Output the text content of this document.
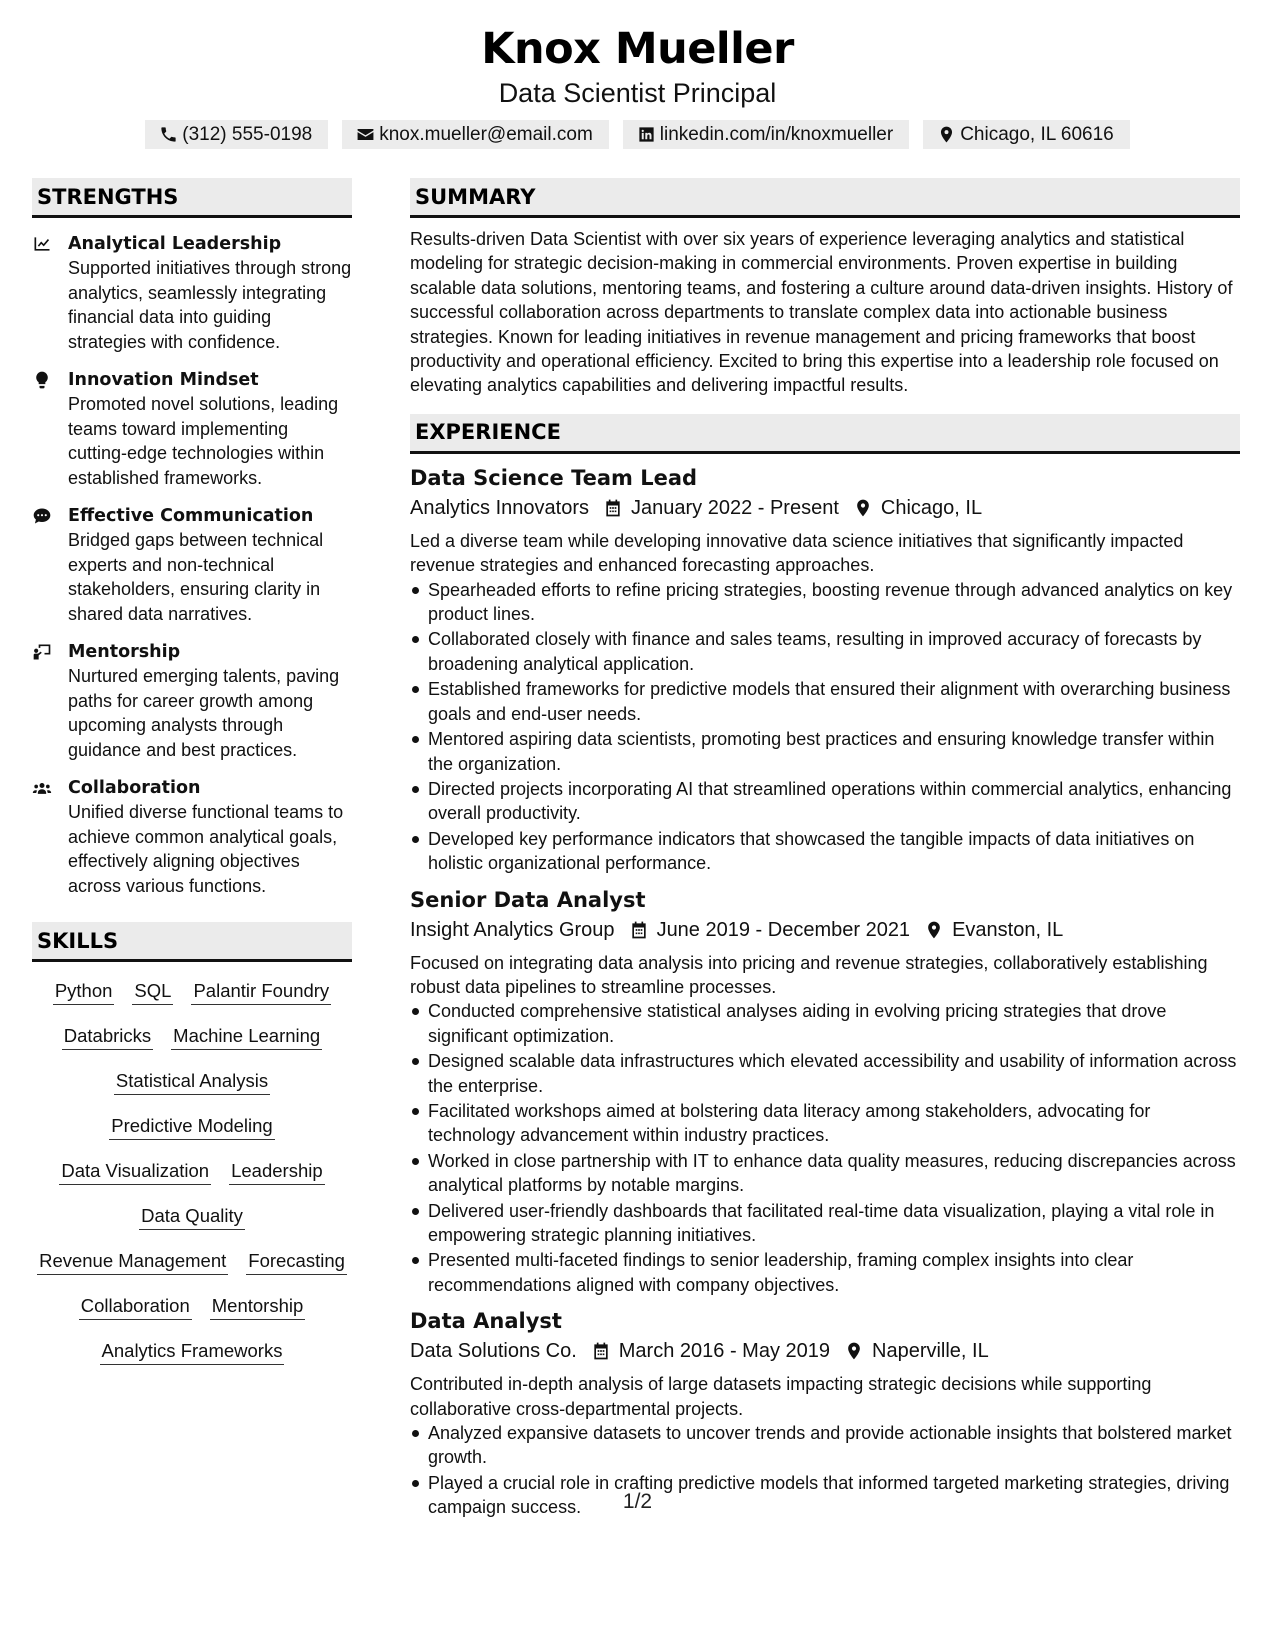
Knox Mueller
Data Scientist Principal
(312) 555-0198	knox.mueller@email.com	linkedin.com/in/knoxmueller	Chicago, IL 60616
STRENGTHS
Analytical Leadership
Supported initiatives through strong analytics, seamlessly integrating financial data into guiding strategies with confidence.
Innovation Mindset
Promoted novel solutions, leading teams toward implementing cutting-edge technologies within established frameworks.
Effective Communication
Bridged gaps between technical experts and non-technical stakeholders, ensuring clarity in shared data narratives.
Mentorship
Nurtured emerging talents, paving paths for career growth among upcoming analysts through guidance and best practices.
Collaboration
Unified diverse functional teams to achieve common analytical goals, effectively aligning objectives across various functions.
SKILLS
Python SQL Palantir Foundry
Databricks Machine Learning
Statistical Analysis
Predictive Modeling
Data Visualization Leadership
Data Quality
Revenue Management Forecasting
Collaboration Mentorship
Analytics Frameworks
SUMMARY
Results-driven Data Scientist with over six years of experience leveraging analytics and statistical modeling for strategic decision-making in commercial environments. Proven expertise in building scalable data solutions, mentoring teams, and fostering a culture around data-driven insights. History of successful collaboration across departments to translate complex data into actionable business strategies. Known for leading initiatives in revenue management and pricing frameworks that boost productivity and operational efficiency. Excited to bring this expertise into a leadership role focused on elevating analytics capabilities and delivering impactful results.
EXPERIENCE
Data Science Team Lead
Analytics Innovators January 2022 - Present Chicago, IL
Led a diverse team while developing innovative data science initiatives that significantly impacted revenue strategies and enhanced forecasting approaches.
Spearheaded efforts to refine pricing strategies, boosting revenue through advanced analytics on key product lines.
Collaborated closely with finance and sales teams, resulting in improved accuracy of forecasts by broadening analytical application.
Established frameworks for predictive models that ensured their alignment with overarching business goals and end-user needs.
Mentored aspiring data scientists, promoting best practices and ensuring knowledge transfer within the organization.
Directed projects incorporating AI that streamlined operations within commercial analytics, enhancing overall productivity.
Developed key performance indicators that showcased the tangible impacts of data initiatives on holistic organizational performance.
Senior Data Analyst
Insight Analytics Group June 2019 - December 2021 Evanston, IL
Focused on integrating data analysis into pricing and revenue strategies, collaboratively establishing robust data pipelines to streamline processes.
Conducted comprehensive statistical analyses aiding in evolving pricing strategies that drove significant optimization.
Designed scalable data infrastructures which elevated accessibility and usability of information across the enterprise.
Facilitated workshops aimed at bolstering data literacy among stakeholders, advocating for technology advancement within industry practices.
Worked in close partnership with IT to enhance data quality measures, reducing discrepancies across analytical platforms by notable margins.
Delivered user-friendly dashboards that facilitated real-time data visualization, playing a vital role in empowering strategic planning initiatives.
Presented multi-faceted findings to senior leadership, framing complex insights into clear recommendations aligned with company objectives.
Data Analyst
Data Solutions Co. March 2016 - May 2019 Naperville, IL
Contributed in-depth analysis of large datasets impacting strategic decisions while supporting collaborative cross-departmental projects.
Analyzed expansive datasets to uncover trends and provide actionable insights that bolstered market growth.
Played a crucial role in crafting predictive models that informed targeted marketing strategies, driving campaign success.	1/2
